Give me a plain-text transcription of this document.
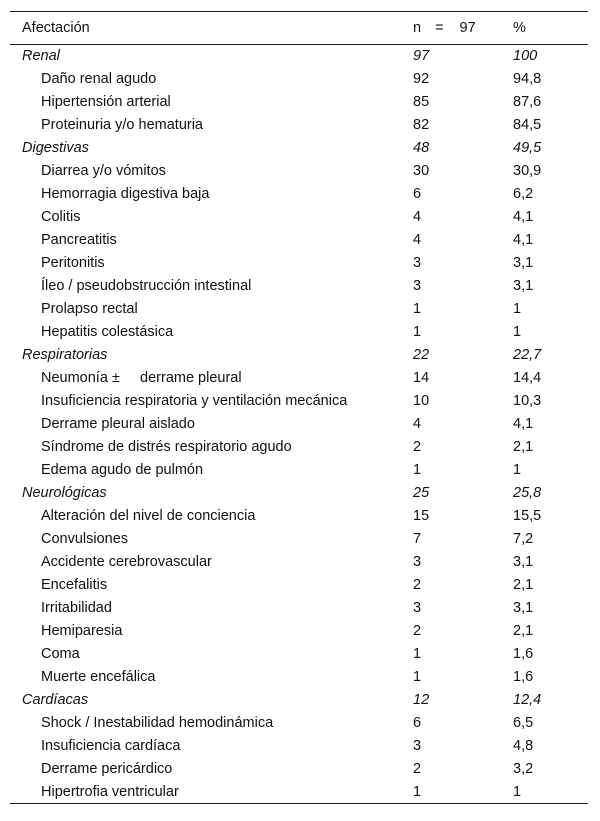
Afectación	n = 97	%
Renal	97	100
Daño renal agudo	92	94,8
Hipertensión arterial	85	87,6
Proteinuria y/o hematuria	82	84,5
Digestivas	48	49,5
Diarrea y/o vómitos	30	30,9
Hemorragia digestiva baja	6	6,2
Colitis	4	4,1
Pancreatitis	4	4,1
Peritonitis	3	3,1
Íleo / pseudobstrucción intestinal	3	3,1
Prolapso rectal	1	1
Hepatitis colestásica	1	1
Respiratorias	22	22,7
Neumonía ±     derrame pleural	14	14,4
Insuficiencia respiratoria y ventilación mecánica	10	10,3
Derrame pleural aislado	4	4,1
Síndrome de distrés respiratorio agudo	2	2,1
Edema agudo de pulmón	1	1
Neurológicas	25	25,8
Alteración del nivel de conciencia	15	15,5
Convulsiones	7	7,2
Accidente cerebrovascular	3	3,1
Encefalitis	2	2,1
Irritabilidad	3	3,1
Hemiparesia	2	2,1
Coma	1	1,6
Muerte encefálica	1	1,6
Cardíacas	12	12,4
Shock / Inestabilidad hemodinámica	6	6,5
Insuficiencia cardíaca	3	4,8
Derrame pericárdico	2	3,2
Hipertrofia ventricular	1	1
